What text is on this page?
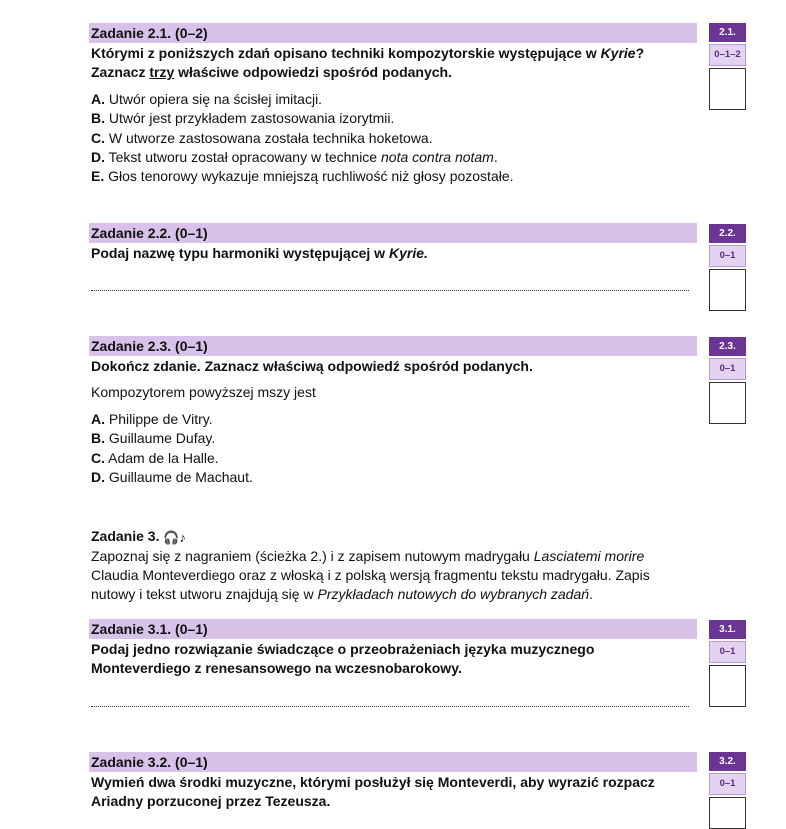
Zadanie 2.1. (0–2)
Którymi z poniższych zdań opisano techniki kompozytorskie występujące w Kyrie?
Zaznacz trzy właściwe odpowiedzi spośród podanych.
A. Utwór opiera się na ścisłej imitacji.
B. Utwór jest przykładem zastosowania izorytmii.
C. W utworze zastosowana została technika hoketowa.
D. Tekst utworu został opracowany w technice nota contra notam.
E. Głos tenorowy wykazuje mniejszą ruchliwość niż głosy pozostałe.
2.1.
0–1–2
Zadanie 2.2. (0–1)
Podaj nazwę typu harmoniki występującej w Kyrie.
2.2.
0–1
Zadanie 2.3. (0–1)
Dokończ zdanie. Zaznacz właściwą odpowiedź spośród podanych.
Kompozytorem powyższej mszy jest
A. Philippe de Vitry.
B. Guillaume Dufay.
C. Adam de la Halle.
D. Guillaume de Machaut.
2.3.
0–1
Zadanie 3. 🎧♪
Zapoznaj się z nagraniem (ścieżka 2.) i z zapisem nutowym madrygału Lasciatemi morire
Claudia Monteverdiego oraz z włoską i z polską wersją fragmentu tekstu madrygału. Zapis
nutowy i tekst utworu znajdują się w Przykładach nutowych do wybranych zadań.
Zadanie 3.1. (0–1)
Podaj jedno rozwiązanie świadczące o przeobrażeniach języka muzycznego
Monteverdiego z renesansowego na wczesnobarokowy.
3.1.
0–1
Zadanie 3.2. (0–1)
Wymień dwa środki muzyczne, którymi posłużył się Monteverdi, aby wyrazić rozpacz
Ariadny porzuconej przez Tezeusza.
3.2.
0–1
